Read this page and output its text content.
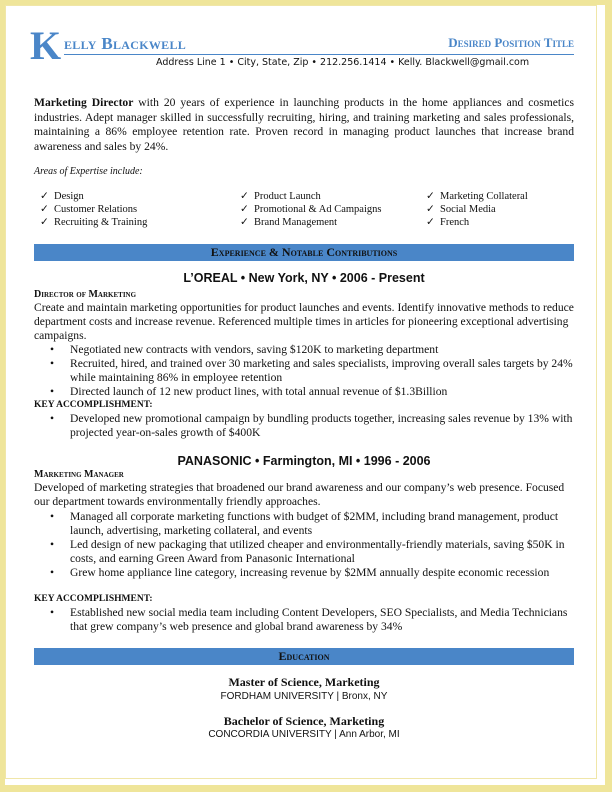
K elly Blackwell	Desired Position Title
Address Line 1 • City, State, Zip • 212.256.1414 • Kelly. Blackwell@gmail.com
Marketing Director with 20 years of experience in launching products in the home appliances and cosmetics industries. Adept manager skilled in successfully recruiting, hiring, and training marketing and sales professionals, maintaining a 86% employee retention rate. Proven record in managing product launches that increase brand awareness and sales by 24%.
Areas of Expertise include:
✓ Design
✓ Customer Relations
✓ Recruiting & Training
✓ Product Launch
✓ Promotional & Ad Campaigns
✓ Brand Management
✓ Marketing Collateral
✓ Social Media
✓ French
Experience & Notable Contributions
L’OREAL • New York, NY • 2006 - Present
Director of Marketing
Create and maintain marketing opportunities for product launches and events. Identify innovative methods to reduce department costs and increase revenue. Referenced multiple times in articles for pioneering exceptional advertising campaigns.
• Negotiated new contracts with vendors, saving $120K to marketing department
• Recruited, hired, and trained over 30 marketing and sales specialists, improving overall sales targets by 24% while maintaining 86% in employee retention
• Directed launch of 12 new product lines, with total annual revenue of $1.3Billion
KEY ACCOMPLISHMENT:
• Developed new promotional campaign by bundling products together, increasing sales revenue by 13% with projected year-on-sales growth of $400K
PANASONIC • Farmington, MI • 1996 - 2006
Marketing Manager
Developed of marketing strategies that broadened our brand awareness and our company’s web presence. Focused our department towards environmentally friendly approaches.
• Managed all corporate marketing functions with budget of $2MM, including brand management, product launch, advertising, marketing collateral, and events
• Led design of new packaging that utilized cheaper and environmentally-friendly materials, saving $50K in costs, and earning Green Award from Panasonic International
• Grew home appliance line category, increasing revenue by $2MM annually despite economic recession
KEY ACCOMPLISHMENT:
• Established new social media team including Content Developers, SEO Specialists, and Media Technicians that grew company’s web presence and global brand awareness by 34%
Education
Master of Science, Marketing
FORDHAM UNIVERSITY | Bronx, NY
Bachelor of Science, Marketing
CONCORDIA UNIVERSITY | Ann Arbor, MI
